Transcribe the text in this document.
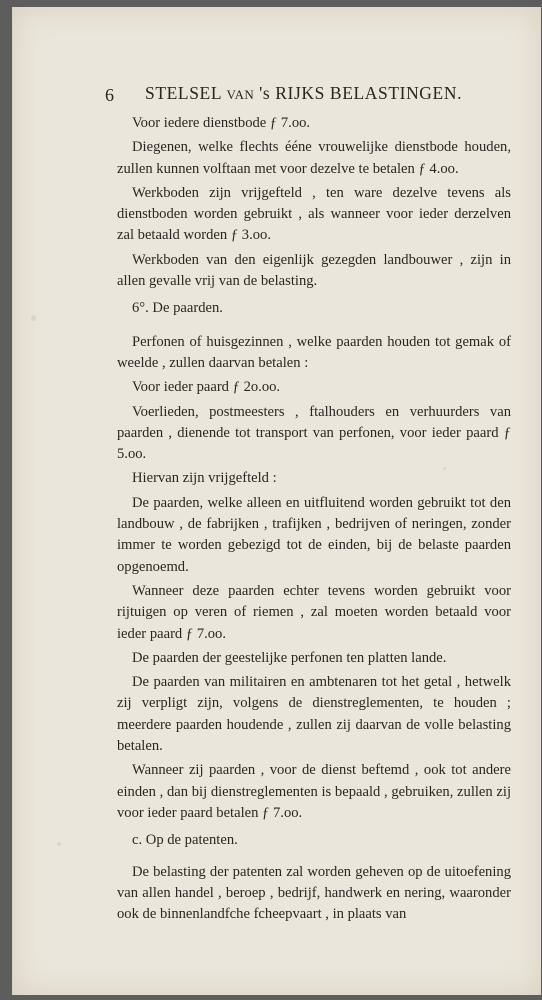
6 STELSEL VAN 's RIJKS BELASTINGEN.

Voor iedere dienstbode ƒ 7.oo.

Diegenen, welke flechts ééne vrouwelijke dienstbode houden, zullen kunnen volftaan met voor dezelve te betalen ƒ 4.oo.

Werkboden zijn vrijgefteld , ten ware dezelve tevens als dienstboden worden gebruikt , als wanneer voor ieder derzelven zal betaald worden ƒ 3.oo.

Werkboden van den eigenlijk gezegden landbouwer , zijn in allen gevalle vrij van de belasting.

6°. De paarden.

Perfonen of huisgezinnen , welke paarden houden tot gemak of weelde , zullen daarvan betalen :

Voor ieder paard ƒ 2o.oo.

Voerlieden, postmeesters , ftalhouders en verhuurders van paarden , dienende tot transport van perfonen, voor ieder paard ƒ 5.oo.

Hiervan zijn vrijgefteld :

De paarden, welke alleen en uitfluitend worden gebruikt tot den landbouw , de fabrijken , trafijken , bedrijven of neringen, zonder immer te worden gebezigd tot de einden, bij de belaste paarden opgenoemd.

Wanneer deze paarden echter tevens worden gebruikt voor rijtuigen op veren of riemen , zal moeten worden betaald voor ieder paard ƒ 7.oo.

De paarden der geestelijke perfonen ten platten lande.

De paarden van militairen en ambtenaren tot het getal , hetwelk zij verpligt zijn, volgens de dienstreglementen, te houden ; meerdere paarden houdende , zullen zij daarvan de volle belasting betalen.

Wanneer zij paarden , voor de dienst beftemd , ook tot andere einden , dan bij dienstreglementen is bepaald , gebruiken, zullen zij voor ieder paard betalen ƒ 7.oo.

c. Op de patenten.

De belasting der patenten zal worden geheven op de uitoefening van allen handel , beroep , bedrijf, handwerk en nering, waaronder ook de binnenlandfche fcheepvaart , in plaats van
